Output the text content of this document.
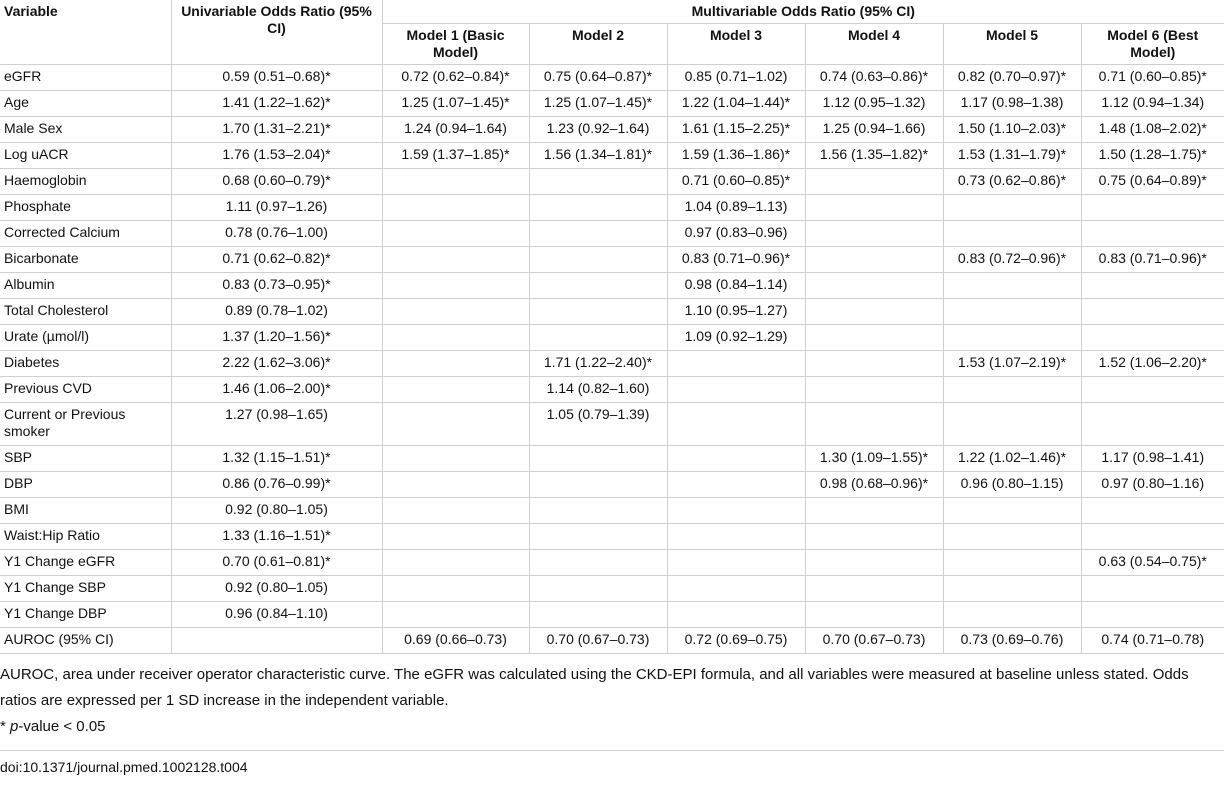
Variable	Univariable Odds Ratio (95% CI)	Multivariable Odds Ratio (95% CI)					
		Model 1 (Basic Model)	Model 2	Model 3	Model 4	Model 5	Model 6 (Best Model)
eGFR	0.59 (0.51–0.68)*	0.72 (0.62–0.84)*	0.75 (0.64–0.87)*	0.85 (0.71–1.02)	0.74 (0.63–0.86)*	0.82 (0.70–0.97)*	0.71 (0.60–0.85)*
Age	1.41 (1.22–1.62)*	1.25 (1.07–1.45)*	1.25 (1.07–1.45)*	1.22 (1.04–1.44)*	1.12 (0.95–1.32)	1.17 (0.98–1.38)	1.12 (0.94–1.34)
Male Sex	1.70 (1.31–2.21)*	1.24 (0.94–1.64)	1.23 (0.92–1.64)	1.61 (1.15–2.25)*	1.25 (0.94–1.66)	1.50 (1.10–2.03)*	1.48 (1.08–2.02)*
Log uACR	1.76 (1.53–2.04)*	1.59 (1.37–1.85)*	1.56 (1.34–1.81)*	1.59 (1.36–1.86)*	1.56 (1.35–1.82)*	1.53 (1.31–1.79)*	1.50 (1.28–1.75)*
Haemoglobin	0.68 (0.60–0.79)*			0.71 (0.60–0.85)*		0.73 (0.62–0.86)*	0.75 (0.64–0.89)*
Phosphate	1.11 (0.97–1.26)			1.04 (0.89–1.13)			
Corrected Calcium	0.78 (0.76–1.00)			0.97 (0.83–0.96)			
Bicarbonate	0.71 (0.62–0.82)*			0.83 (0.71–0.96)*		0.83 (0.72–0.96)*	0.83 (0.71–0.96)*
Albumin	0.83 (0.73–0.95)*			0.98 (0.84–1.14)			
Total Cholesterol	0.89 (0.78–1.02)			1.10 (0.95–1.27)			
Urate (µmol/l)	1.37 (1.20–1.56)*			1.09 (0.92–1.29)			
Diabetes	2.22 (1.62–3.06)*		1.71 (1.22–2.40)*			1.53 (1.07–2.19)*	1.52 (1.06–2.20)*
Previous CVD	1.46 (1.06–2.00)*		1.14 (0.82–1.60)				
Current or Previous smoker	1.27 (0.98–1.65)		1.05 (0.79–1.39)				
SBP	1.32 (1.15–1.51)*				1.30 (1.09–1.55)*	1.22 (1.02–1.46)*	1.17 (0.98–1.41)
DBP	0.86 (0.76–0.99)*				0.98 (0.68–0.96)*	0.96 (0.80–1.15)	0.97 (0.80–1.16)
BMI	0.92 (0.80–1.05)						
Waist:Hip Ratio	1.33 (1.16–1.51)*						
Y1 Change eGFR	0.70 (0.61–0.81)*						0.63 (0.54–0.75)*
Y1 Change SBP	0.92 (0.80–1.05)						
Y1 Change DBP	0.96 (0.84–1.10)						
AUROC (95% CI)		0.69 (0.66–0.73)	0.70 (0.67–0.73)	0.72 (0.69–0.75)	0.70 (0.67–0.73)	0.73 (0.69–0.76)	0.74 (0.71–0.78)

AUROC, area under receiver operator characteristic curve. The eGFR was calculated using the CKD-EPI formula, and all variables were measured at baseline unless stated. Odds ratios are expressed per 1 SD increase in the independent variable.

* p-value < 0.05

doi:10.1371/journal.pmed.1002128.t004
